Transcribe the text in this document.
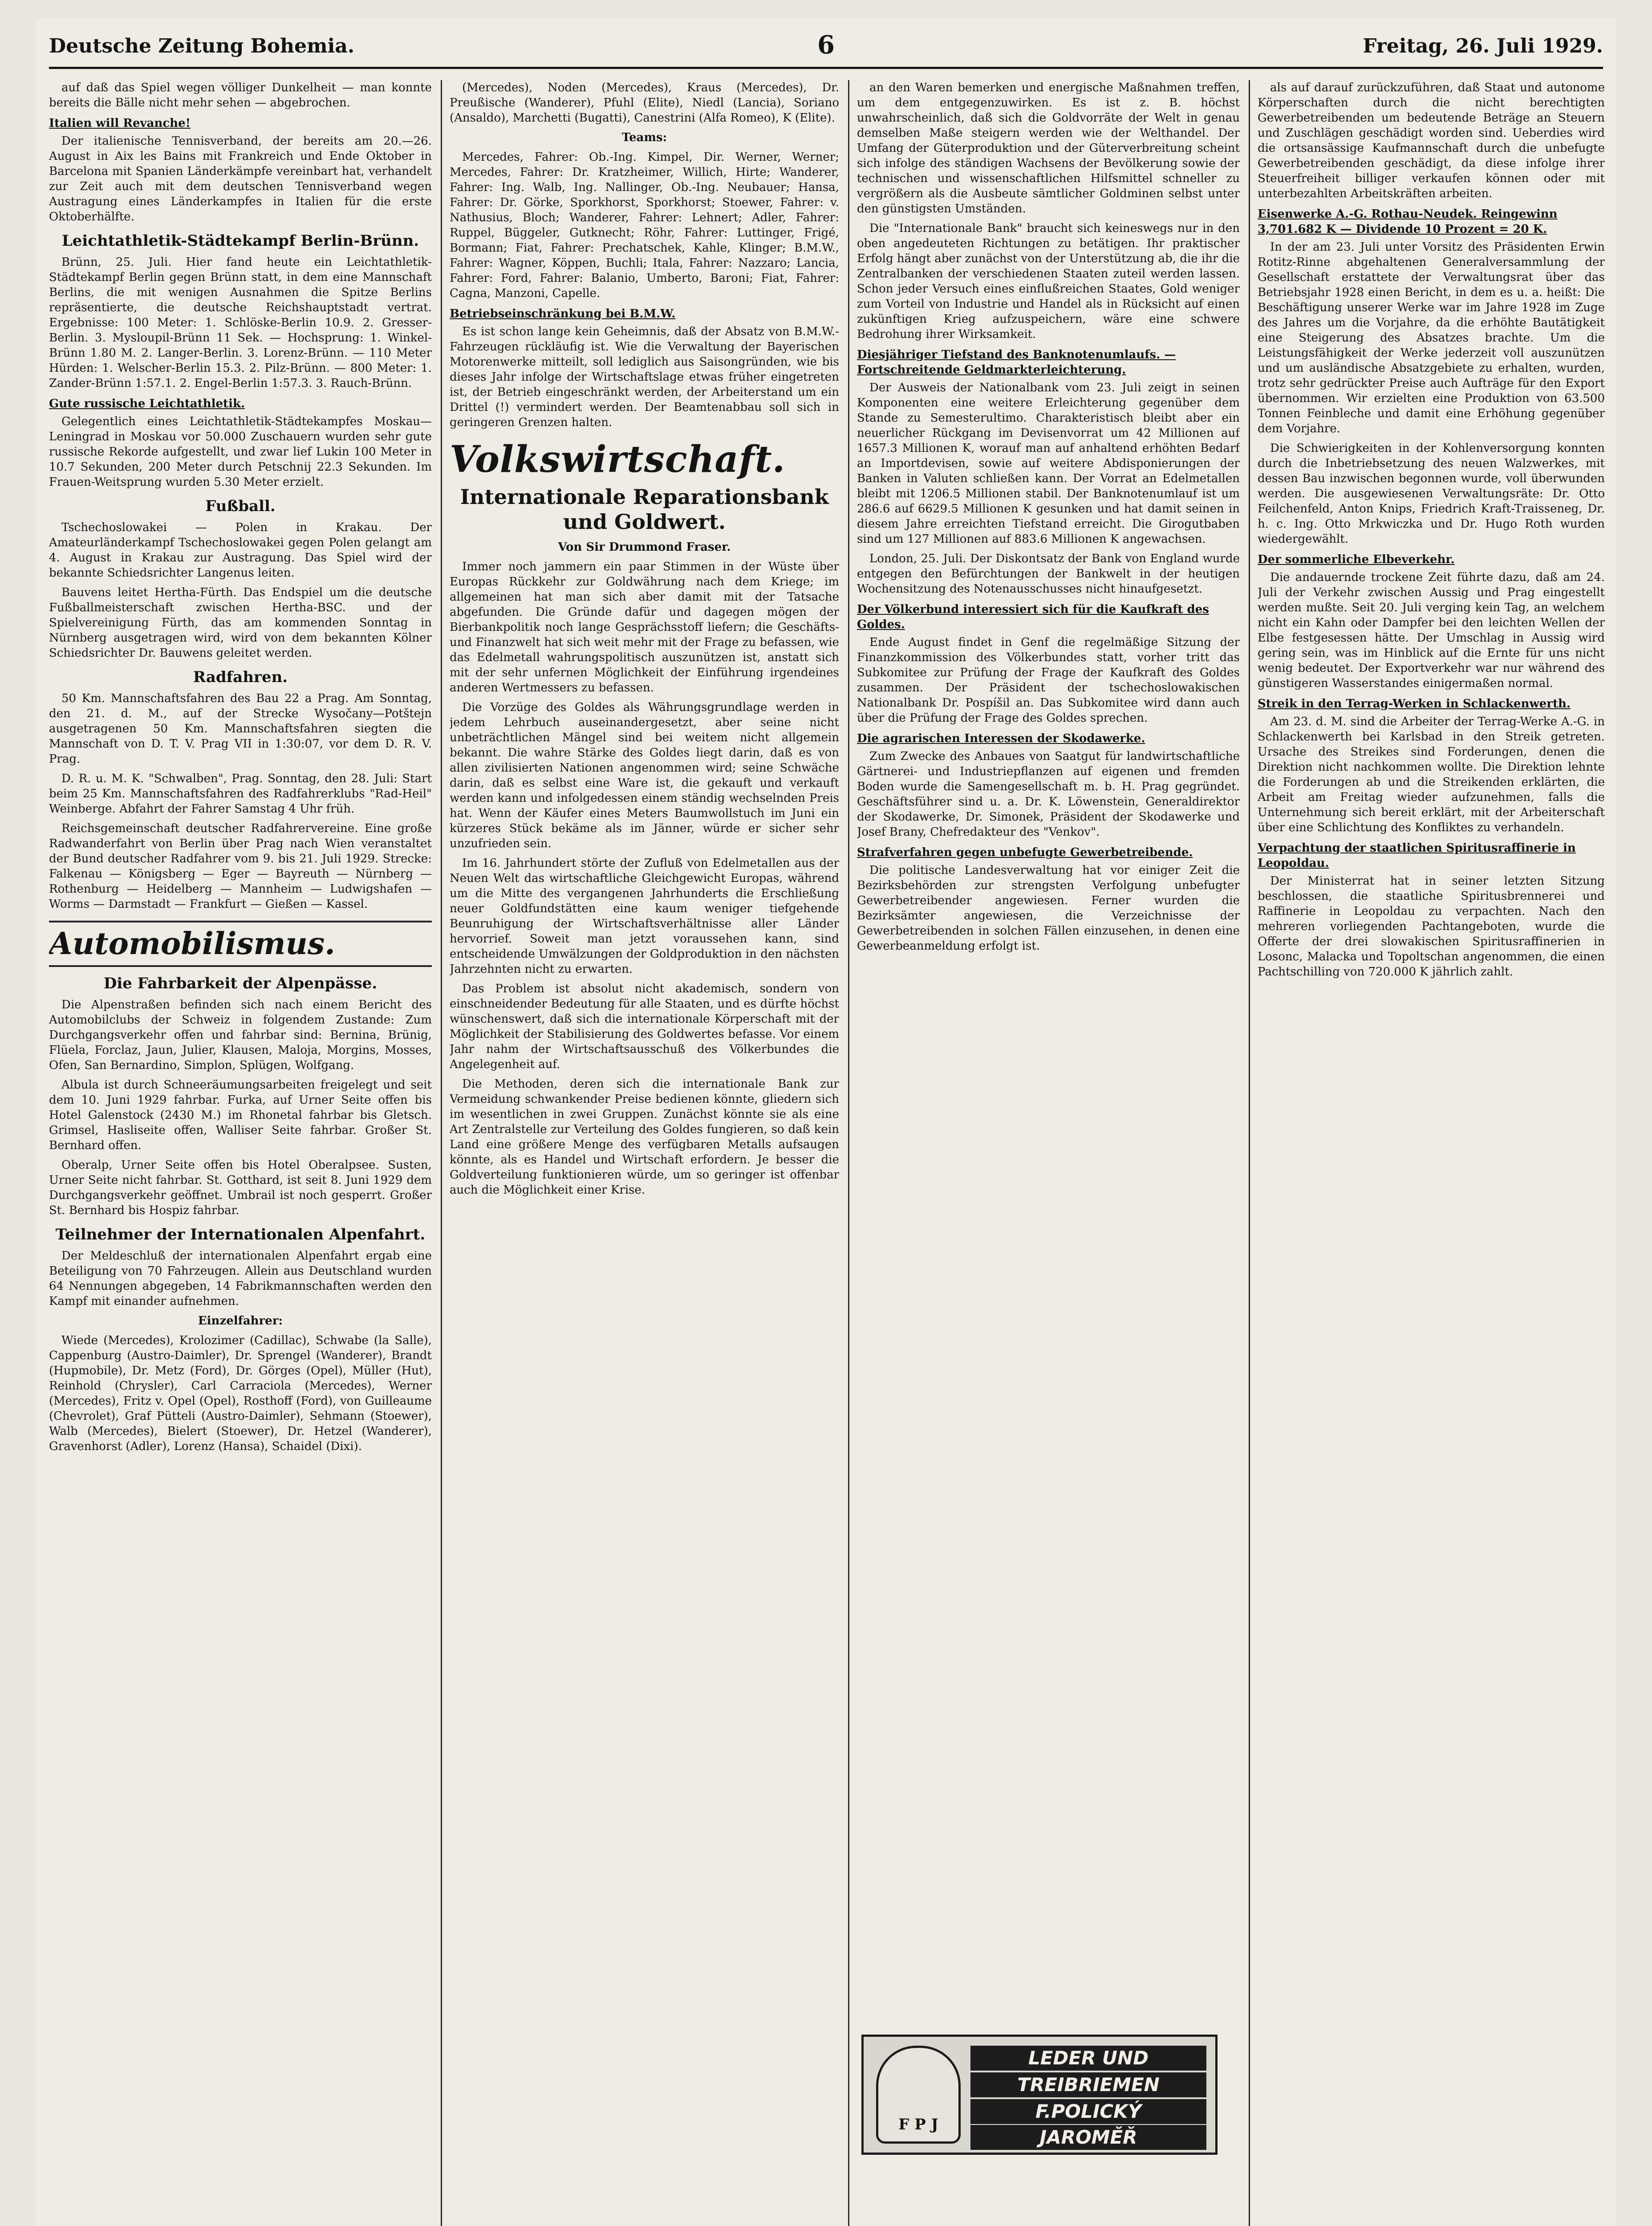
Deutsche Zeitung Bohemia.	6	Freitag, 26. Juli 1929.

auf daß das Spiel wegen völliger Dunkelheit — man konnte bereits die Bälle nicht mehr sehen — abgebrochen.

Italien will Revanche!

Der italienische Tennisverband, der bereits am 20.—26. August in Aix les Bains mit Frankreich und Ende Oktober in Barcelona mit Spanien Länderkämpfe vereinbart hat, verhandelt zur Zeit auch mit dem deutschen Tennisverband wegen Austragung eines Länderkampfes in Italien für die erste Oktoberhälfte.

Leichtathletik-Städtekampf Berlin-Brünn.

Brünn, 25. Juli. Hier fand heute ein Leichtathletik-Städtekampf Berlin gegen Brünn statt, in dem eine Mannschaft Berlins, die mit wenigen Ausnahmen die Spitze Berlins repräsentierte, die deutsche Reichshauptstadt vertrat. Ergebnisse: 100 Meter: 1. Schlöske-Berlin 10.9. 2. Gresser-Berlin. 3. Mysloupil-Brünn 11 Sek. — Hochsprung: 1. Winkel-Brünn 1.80 M. 2. Langer-Berlin. 3. Lorenz-Brünn. — 110 Meter Hürden: 1. Welscher-Berlin 15.3. 2. Pilz-Brünn. — 800 Meter: 1. Zander-Brünn 1:57.1. 2. Engel-Berlin 1:57.3. 3. Rauch-Brünn.

Gute russische Leichtathletik.

Gelegentlich eines Leichtathletik-Städtekampfes Moskau—Leningrad in Moskau vor 50.000 Zuschauern wurden sehr gute russische Rekorde aufgestellt, und zwar lief Lukin 100 Meter in 10.7 Sekunden, 200 Meter durch Petschnij 22.3 Sekunden. Im Frauen-Weitsprung wurden 5.30 Meter erzielt.

Fußball.

Tschechoslowakei — Polen in Krakau. Der Amateurländerkampf Tschechoslowakei gegen Polen gelangt am 4. August in Krakau zur Austragung. Das Spiel wird der bekannte Schiedsrichter Langenus leiten.

Bauvens leitet Hertha-Fürth. Das Endspiel um die deutsche Fußballmeisterschaft zwischen Hertha-BSC. und der Spielvereinigung Fürth, das am kommenden Sonntag in Nürnberg ausgetragen wird, wird von dem bekannten Kölner Schiedsrichter Dr. Bauwens geleitet werden.

Radfahren.

50 Km. Mannschaftsfahren des Bau 22 a Prag. Am Sonntag, den 21. d. M., auf der Strecke Wysočany—Potštejn ausgetragenen 50 Km. Mannschaftsfahren siegten die Mannschaft von D. T. V. Prag VII in 1:30:07, vor dem D. R. V. Prag.

D. R. u. M. K. "Schwalben", Prag. Sonntag, den 28. Juli: Start beim 25 Km. Mannschaftsfahren des Radfahrerklubs "Rad-Heil" Weinberge. Abfahrt der Fahrer Samstag 4 Uhr früh.

Reichsgemeinschaft deutscher Radfahrervereine. Eine große Radwanderfahrt von Berlin über Prag nach Wien veranstaltet der Bund deutscher Radfahrer vom 9. bis 21. Juli 1929. Strecke: Falkenau — Königsberg — Eger — Bayreuth — Nürnberg — Rothenburg — Heidelberg — Mannheim — Ludwigshafen — Worms — Darmstadt — Frankfurt — Gießen — Kassel.

Automobilismus.
Die Fahrbarkeit der Alpenpässe.

Die Alpenstraßen befinden sich nach einem Bericht des Automobilclubs der Schweiz in folgendem Zustande: Zum Durchgangsverkehr offen und fahrbar sind: Bernina, Brünig, Flüela, Forclaz, Jaun, Julier, Klausen, Maloja, Morgins, Mosses, Ofen, San Bernardino, Simplon, Splügen, Wolfgang.

Albula ist durch Schneeräumungsarbeiten freigelegt und seit dem 10. Juni 1929 fahrbar. Furka, auf Urner Seite offen bis Hotel Galenstock (2430 M.) im Rhonetal fahrbar bis Gletsch. Grimsel, Hasliseite offen, Walliser Seite fahrbar. Großer St. Bernhard offen.

Oberalp, Urner Seite offen bis Hotel Oberalpsee. Susten, Urner Seite nicht fahrbar. St. Gotthard, ist seit 8. Juni 1929 dem Durchgangsverkehr geöffnet. Umbrail ist noch gesperrt. Großer St. Bernhard bis Hospiz fahrbar.

Teilnehmer der Internationalen Alpenfahrt.

Der Meldeschluß der internationalen Alpenfahrt ergab eine Beteiligung von 70 Fahrzeugen. Allein aus Deutschland wurden 64 Nennungen abgegeben, 14 Fabrikmannschaften werden den Kampf mit einander aufnehmen.

Einzelfahrer:

Wiede (Mercedes), Krolozimer (Cadillac), Schwabe (la Salle), Cappenburg (Austro-Daimler), Dr. Sprengel (Wanderer), Brandt (Hupmobile), Dr. Metz (Ford), Dr. Görges (Opel), Müller (Hut), Reinhold (Chrysler), Carl Carraciola (Mercedes), Werner (Mercedes), Fritz v. Opel (Opel), Rosthoff (Ford), von Guilleaume (Chevrolet), Graf Pütteli (Austro-Daimler), Sehmann (Stoewer), Walb (Mercedes), Bielert (Stoewer), Dr. Hetzel (Wanderer), Gravenhorst (Adler), Lorenz (Hansa), Schaidel (Dixi).

(Mercedes), Noden (Mercedes), Kraus (Mercedes), Dr. Preußische (Wanderer), Pfuhl (Elite), Niedl (Lancia), Soriano (Ansaldo), Marchetti (Bugatti), Canestrini (Alfa Romeo), K (Elite).

Teams:

Mercedes, Fahrer: Ob.-Ing. Kimpel, Dir. Werner, Werner; Mercedes, Fahrer: Dr. Kratzheimer, Willich, Hirte; Wanderer, Fahrer: Ing. Walb, Ing. Nallinger, Ob.-Ing. Neubauer; Hansa, Fahrer: Dr. Görke, Sporkhorst, Sporkhorst; Stoewer, Fahrer: v. Nathusius, Bloch; Wanderer, Fahrer: Lehnert; Adler, Fahrer: Ruppel, Büggeler, Gutknecht; Röhr, Fahrer: Luttinger, Frigé, Bormann; Fiat, Fahrer: Prechatschek, Kahle, Klinger; B.M.W., Fahrer: Wagner, Köppen, Buchli; Itala, Fahrer: Nazzaro; Lancia, Fahrer: Ford, Fahrer: Balanio, Umberto, Baroni; Fiat, Fahrer: Cagna, Manzoni, Capelle.

Betriebseinschränkung bei B.M.W.

Es ist schon lange kein Geheimnis, daß der Absatz von B.M.W.-Fahrzeugen rückläufig ist. Wie die Verwaltung der Bayerischen Motorenwerke mitteilt, soll lediglich aus Saisongründen, wie bis dieses Jahr infolge der Wirtschaftslage etwas früher eingetreten ist, der Betrieb eingeschränkt werden, der Arbeiterstand um ein Drittel (!) vermindert werden. Der Beamtenabbau soll sich in geringeren Grenzen halten.

Volkswirtschaft.
Internationale Reparationsbank und Goldwert.
Von Sir Drummond Fraser.

Immer noch jammern ein paar Stimmen in der Wüste über Europas Rückkehr zur Goldwährung nach dem Kriege; im allgemeinen hat man sich aber damit mit der Tatsache abgefunden. Die Gründe dafür und dagegen mögen der Bierbankpolitik noch lange Gesprächsstoff liefern; die Geschäfts- und Finanzwelt hat sich weit mehr mit der Frage zu befassen, wie das Edelmetall wahrungspolitisch auszunützen ist, anstatt sich mit der sehr unfernen Möglichkeit der Einführung irgendeines anderen Wertmessers zu befassen.

Die Vorzüge des Goldes als Währungsgrundlage werden in jedem Lehrbuch auseinandergesetzt, aber seine nicht unbeträchtlichen Mängel sind bei weitem nicht allgemein bekannt. Die wahre Stärke des Goldes liegt darin, daß es von allen zivilisierten Nationen angenommen wird; seine Schwäche darin, daß es selbst eine Ware ist, die gekauft und verkauft werden kann und infolgedessen einem ständig wechselnden Preis hat. Wenn der Käufer eines Meters Baumwollstuch im Juni ein kürzeres Stück bekäme als im Jänner, würde er sicher sehr unzufrieden sein.

Im 16. Jahrhundert störte der Zufluß von Edelmetallen aus der Neuen Welt das wirtschaftliche Gleichgewicht Europas, während um die Mitte des vergangenen Jahrhunderts die Erschließung neuer Goldfundstätten eine kaum weniger tiefgehende Beunruhigung der Wirtschaftsverhältnisse aller Länder hervorrief. Soweit man jetzt voraussehen kann, sind entscheidende Umwälzungen der Goldproduktion in den nächsten Jahrzehnten nicht zu erwarten.

Das Problem ist absolut nicht akademisch, sondern von einschneidender Bedeutung für alle Staaten, und es dürfte höchst wünschenswert, daß sich die internationale Körperschaft mit der Möglichkeit der Stabilisierung des Goldwertes befasse. Vor einem Jahr nahm der Wirtschaftsausschuß des Völkerbundes die Angelegenheit auf.

Die Methoden, deren sich die internationale Bank zur Vermeidung schwankender Preise bedienen könnte, gliedern sich im wesentlichen in zwei Gruppen. Zunächst könnte sie als eine Art Zentralstelle zur Verteilung des Goldes fungieren, so daß kein Land eine größere Menge des verfügbaren Metalls aufsaugen könnte, als es Handel und Wirtschaft erfordern. Je besser die Goldverteilung funktionieren würde, um so geringer ist offenbar auch die Möglichkeit einer Krise.

an den Waren bemerken und energische Maßnahmen treffen, um dem entgegenzuwirken. Es ist z. B. höchst unwahrscheinlich, daß sich die Goldvorräte der Welt in genau demselben Maße steigern werden wie der Welthandel. Der Umfang der Güterproduktion und der Güterverbreitung scheint sich infolge des ständigen Wachsens der Bevölkerung sowie der technischen und wissenschaftlichen Hilfsmittel schneller zu vergrößern als die Ausbeute sämtlicher Goldminen selbst unter den günstigsten Umständen.

Die "Internationale Bank" braucht sich keineswegs nur in den oben angedeuteten Richtungen zu betätigen. Ihr praktischer Erfolg hängt aber zunächst von der Unterstützung ab, die ihr die Zentralbanken der verschiedenen Staaten zuteil werden lassen. Schon jeder Versuch eines einflußreichen Staates, Gold weniger zum Vorteil von Industrie und Handel als in Rücksicht auf einen zukünftigen Krieg aufzuspeichern, wäre eine schwere Bedrohung ihrer Wirksamkeit.

Diesjähriger Tiefstand des Banknotenumlaufs. — Fortschreitende Geldmarkterleichterung.

Der Ausweis der Nationalbank vom 23. Juli zeigt in seinen Komponenten eine weitere Erleichterung gegenüber dem Stande zu Semesterultimo. Charakteristisch bleibt aber ein neuerlicher Rückgang im Devisenvorrat um 42 Millionen auf 1657.3 Millionen K, worauf man auf anhaltend erhöhten Bedarf an Importdevisen, sowie auf weitere Abdisponierungen der Banken in Valuten schließen kann. Der Vorrat an Edelmetallen bleibt mit 1206.5 Millionen stabil. Der Banknotenumlauf ist um 286.6 auf 6629.5 Millionen K gesunken und hat damit seinen in diesem Jahre erreichten Tiefstand erreicht. Die Girogutbaben sind um 127 Millionen auf 883.6 Millionen K angewachsen.

London, 25. Juli. Der Diskontsatz der Bank von England wurde entgegen den Befürchtungen der Bankwelt in der heutigen Wochensitzung des Notenausschusses nicht hinaufgesetzt.

Der Völkerbund interessiert sich für die Kaufkraft des Goldes.

Ende August findet in Genf die regelmäßige Sitzung der Finanzkommission des Völkerbundes statt, vorher tritt das Subkomitee zur Prüfung der Frage der Kaufkraft des Goldes zusammen. Der Präsident der tschechoslowakischen Nationalbank Dr. Pospíšil an. Das Subkomitee wird dann auch über die Prüfung der Frage des Goldes sprechen.

Die agrarischen Interessen der Skodawerke.

Zum Zwecke des Anbaues von Saatgut für landwirtschaftliche Gärtnerei- und Industriepflanzen auf eigenen und fremden Boden wurde die Samengesellschaft m. b. H. Prag gegründet. Geschäftsführer sind u. a. Dr. K. Löwenstein, Generaldirektor der Skodawerke, Dr. Simonek, Präsident der Skodawerke und Josef Brany, Chefredakteur des "Venkov".

Strafverfahren gegen unbefugte Gewerbetreibende.

Die politische Landesverwaltung hat vor einiger Zeit die Bezirksbehörden zur strengsten Verfolgung unbefugter Gewerbetreibender angewiesen. Ferner wurden die Bezirksämter angewiesen, die Verzeichnisse der Gewerbetreibenden in solchen Fällen einzusehen, in denen eine Gewerbeanmeldung erfolgt ist.

als auf darauf zurückzuführen, daß Staat und autonome Körperschaften durch die nicht berechtigten Gewerbetreibenden um bedeutende Beträge an Steuern und Zuschlägen geschädigt worden sind. Ueberdies wird die ortsansässige Kaufmannschaft durch die unbefugte Gewerbetreibenden geschädigt, da diese infolge ihrer Steuerfreiheit billiger verkaufen können oder mit unterbezahlten Arbeitskräften arbeiten.

Eisenwerke A.-G. Rothau-Neudek. Reingewinn 3,701.682 K — Dividende 10 Prozent = 20 K.

In der am 23. Juli unter Vorsitz des Präsidenten Erwin Rotitz-Rinne abgehaltenen Generalversammlung der Gesellschaft erstattete der Verwaltungsrat über das Betriebsjahr 1928 einen Bericht, in dem es u. a. heißt: Die Beschäftigung unserer Werke war im Jahre 1928 im Zuge des Jahres um die Vorjahre, da die erhöhte Bautätigkeit eine Steigerung des Absatzes brachte. Um die Leistungsfähigkeit der Werke jederzeit voll auszunützen und um ausländische Absatzgebiete zu erhalten, wurden, trotz sehr gedrückter Preise auch Aufträge für den Export übernommen. Wir erzielten eine Produktion von 63.500 Tonnen Feinbleche und damit eine Erhöhung gegenüber dem Vorjahre.

Die Schwierigkeiten in der Kohlenversorgung konnten durch die Inbetriebsetzung des neuen Walzwerkes, mit dessen Bau inzwischen begonnen wurde, voll überwunden werden. Die ausgewiesenen Verwaltungsräte: Dr. Otto Feilchenfeld, Anton Knips, Friedrich Kraft-Traisseneg, Dr. h. c. Ing. Otto Mrkwiczka und Dr. Hugo Roth wurden wiedergewählt.

Der sommerliche Elbeverkehr.

Die andauernde trockene Zeit führte dazu, daß am 24. Juli der Verkehr zwischen Aussig und Prag eingestellt werden mußte. Seit 20. Juli verging kein Tag, an welchem nicht ein Kahn oder Dampfer bei den leichten Wellen der Elbe festgesessen hätte. Der Umschlag in Aussig wird gering sein, was im Hinblick auf die Ernte für uns nicht wenig bedeutet. Der Exportverkehr war nur während des günstigeren Wasserstandes einigermaßen normal.

Streik in den Terrag-Werken in Schlackenwerth.

Am 23. d. M. sind die Arbeiter der Terrag-Werke A.-G. in Schlackenwerth bei Karlsbad in den Streik getreten. Ursache des Streikes sind Forderungen, denen die Direktion nicht nachkommen wollte. Die Direktion lehnte die Forderungen ab und die Streikenden erklärten, die Arbeit am Freitag wieder aufzunehmen, falls die Unternehmung sich bereit erklärt, mit der Arbeiterschaft über eine Schlichtung des Konfliktes zu verhandeln.

Verpachtung der staatlichen Spiritusraffinerie in Leopoldau.

Der Ministerrat hat in seiner letzten Sitzung beschlossen, die staatliche Spiritusbrennerei und Raffinerie in Leopoldau zu verpachten. Nach den mehreren vorliegenden Pachtangeboten, wurde die Offerte der drei slowakischen Spiritusraffinerien in Losonc, Malacka und Topoltschan angenommen, die einen Pachtschilling von 720.000 K jährlich zahlt.

F P J
LEDER UND
TREIBRIEMEN
F.POLICKÝ
JAROMĚŘ
